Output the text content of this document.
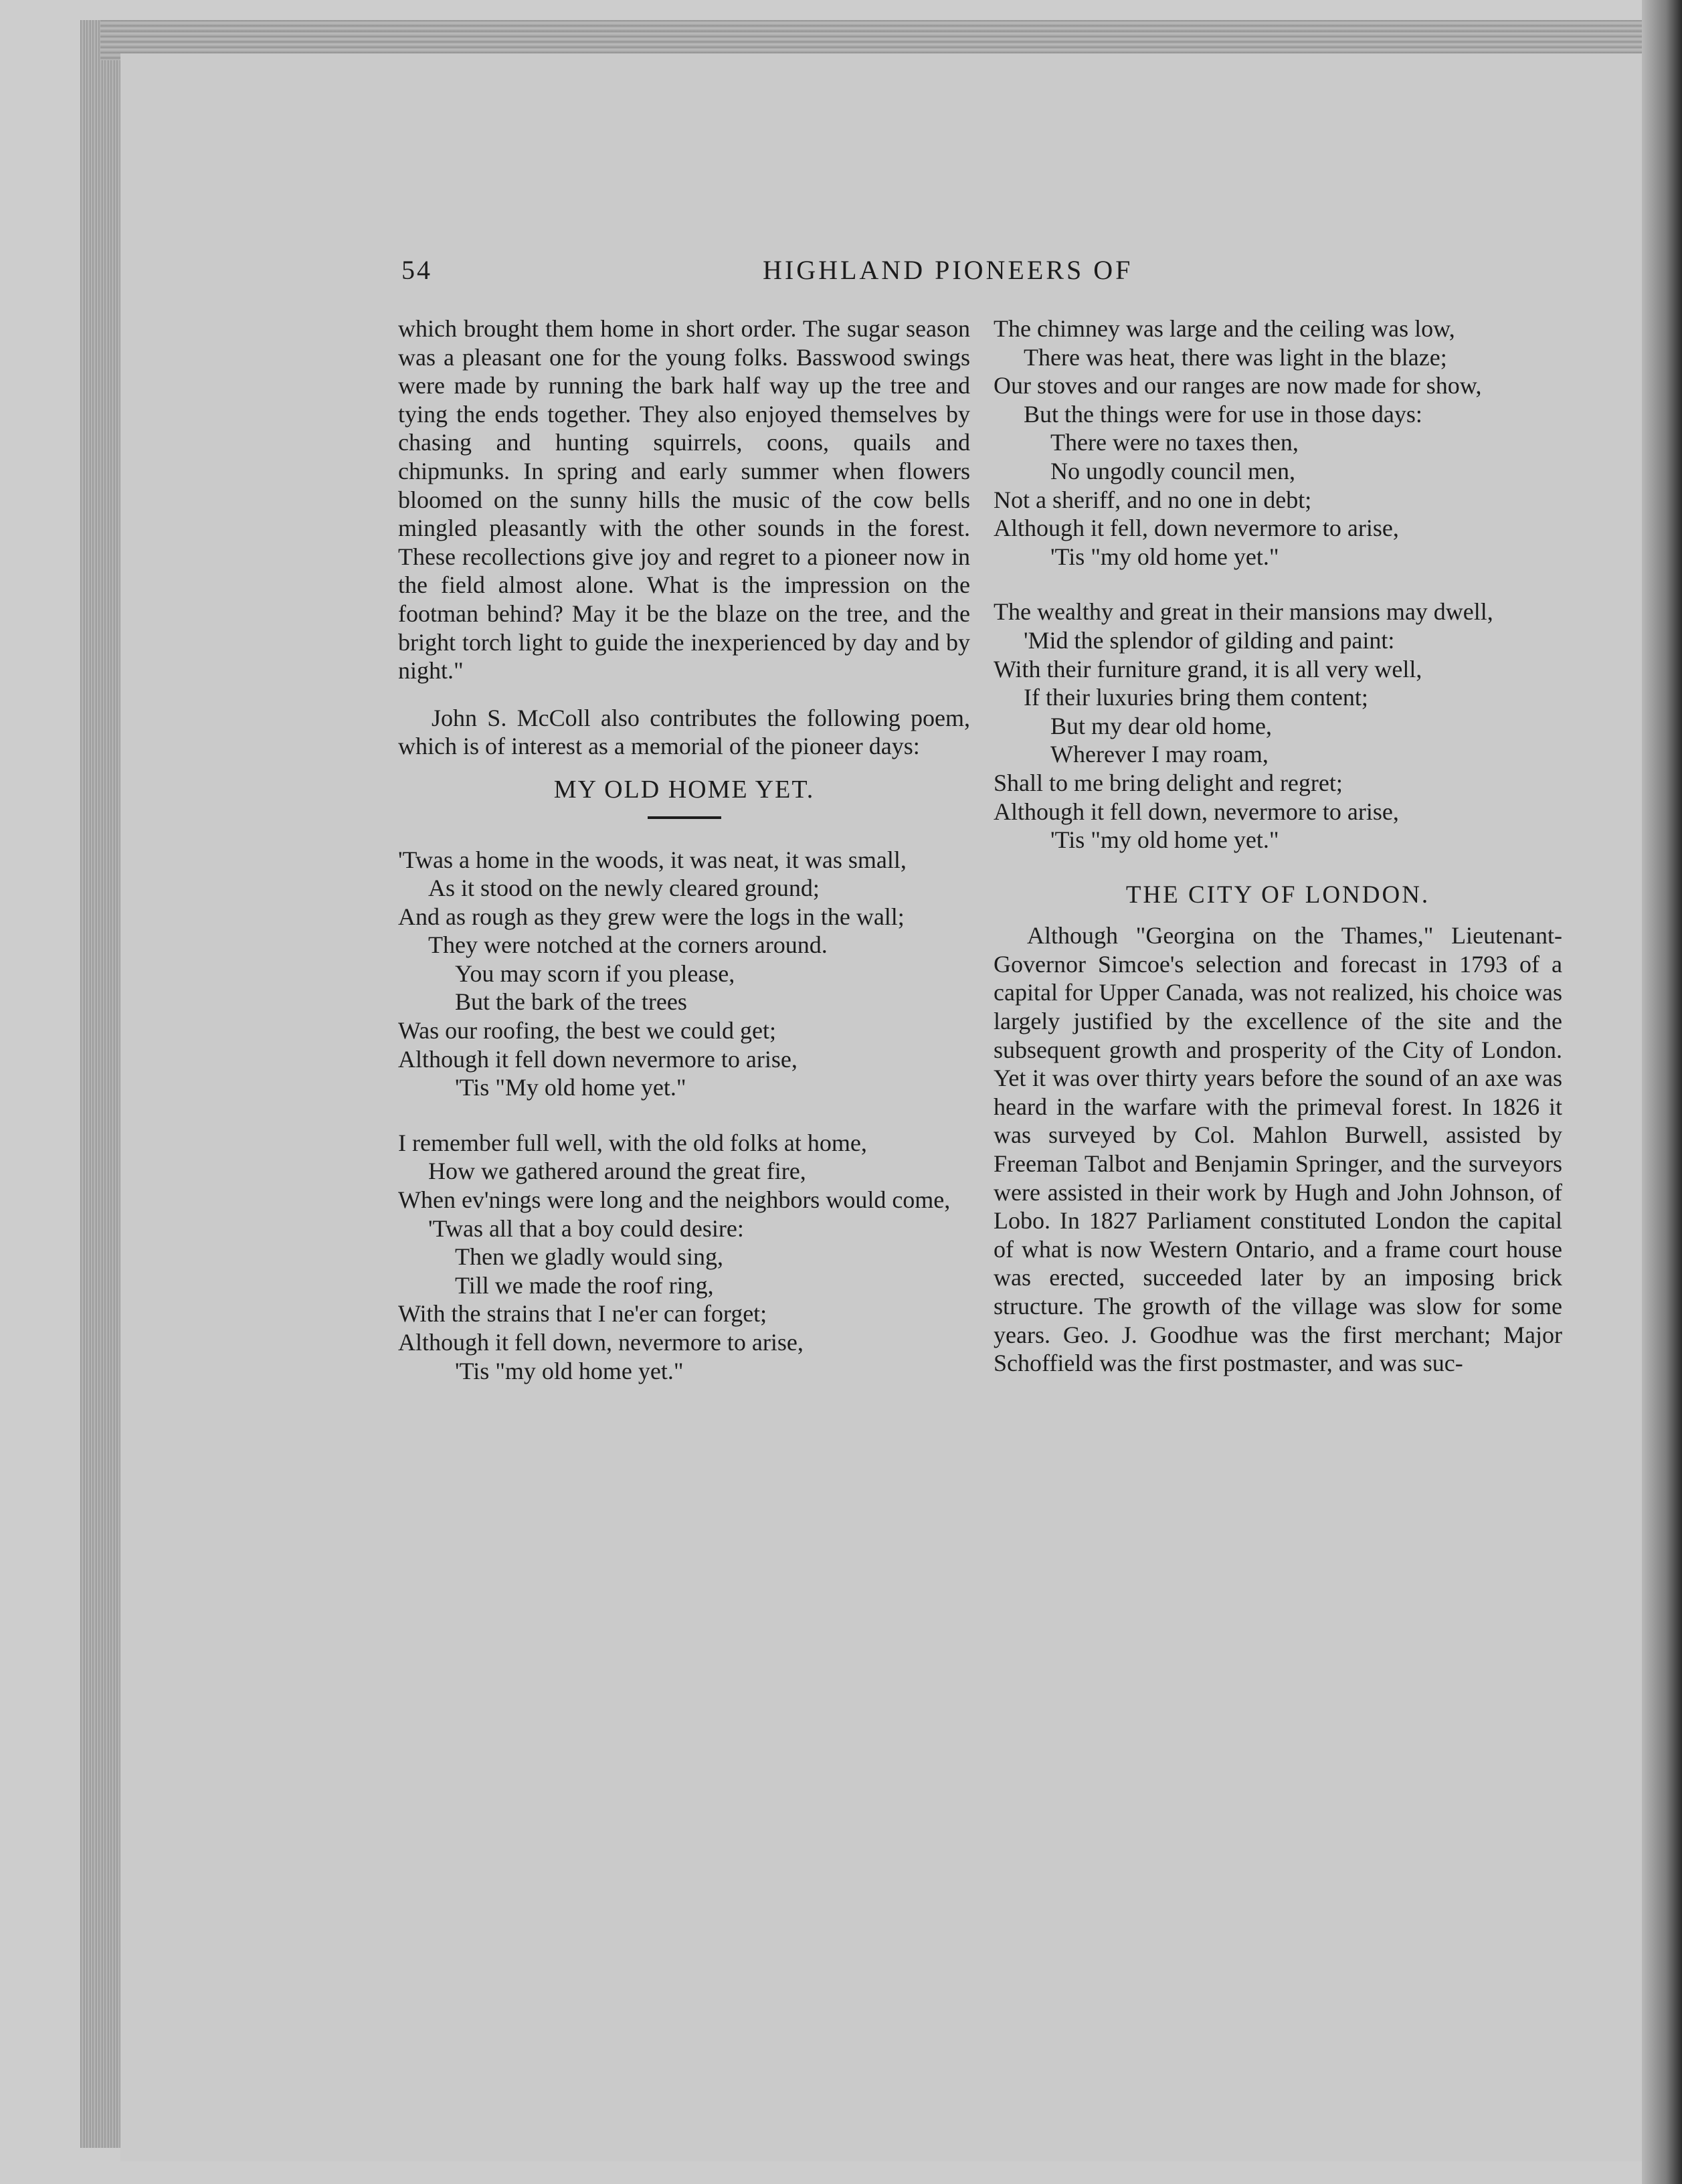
54	HIGHLAND PIONEERS OF

which brought them home in short order. The sugar season was a pleasant one for the young folks. Basswood swings were made by running the bark half way up the tree and tying the ends together. They also enjoyed themselves by chasing and hunting squirrels, coons, quails and chipmunks. In spring and early summer when flowers bloomed on the sunny hills the music of the cow bells mingled pleasantly with the other sounds in the forest. These recollections give joy and regret to a pioneer now in the field almost alone. What is the impression on the footman behind? May it be the blaze on the tree, and the bright torch light to guide the inexperienced by day and by night."

John S. McColl also contributes the following poem, which is of interest as a memorial of the pioneer days:

MY OLD HOME YET.
'Twas a home in the woods, it was neat, it was small,
As it stood on the newly cleared ground;
And as rough as they grew were the logs in the wall;
They were notched at the corners around.
You may scorn if you please,
But the bark of the trees
Was our roofing, the best we could get;
Although it fell down nevermore to arise,
'Tis "My old home yet."
I remember full well, with the old folks at home,
How we gathered around the great fire,
When ev'nings were long and the neighbors would come,
'Twas all that a boy could desire:
Then we gladly would sing,
Till we made the roof ring,
With the strains that I ne'er can forget;
Although it fell down, nevermore to arise,
'Tis "my old home yet."
The chimney was large and the ceiling was low,
There was heat, there was light in the blaze;
Our stoves and our ranges are now made for show,
But the things were for use in those days:
There were no taxes then,
No ungodly council men,
Not a sheriff, and no one in debt;
Although it fell, down nevermore to arise,
'Tis "my old home yet."
The wealthy and great in their mansions may dwell,
'Mid the splendor of gilding and paint:
With their furniture grand, it is all very well,
If their luxuries bring them content;
But my dear old home,
Wherever I may roam,
Shall to me bring delight and regret;
Although it fell down, nevermore to arise,
'Tis "my old home yet."
THE CITY OF LONDON.

Although "Georgina on the Thames," Lieutenant-Governor Simcoe's selection and forecast in 1793 of a capital for Upper Canada, was not realized, his choice was largely justified by the excellence of the site and the subsequent growth and prosperity of the City of London. Yet it was over thirty years before the sound of an axe was heard in the warfare with the primeval forest. In 1826 it was surveyed by Col. Mahlon Burwell, assisted by Freeman Talbot and Benjamin Springer, and the surveyors were assisted in their work by Hugh and John Johnson, of Lobo. In 1827 Parliament constituted London the capital of what is now Western Ontario, and a frame court house was erected, succeeded later by an imposing brick structure. The growth of the village was slow for some years. Geo. J. Goodhue was the first merchant; Major Schoffield was the first postmaster, and was suc-
